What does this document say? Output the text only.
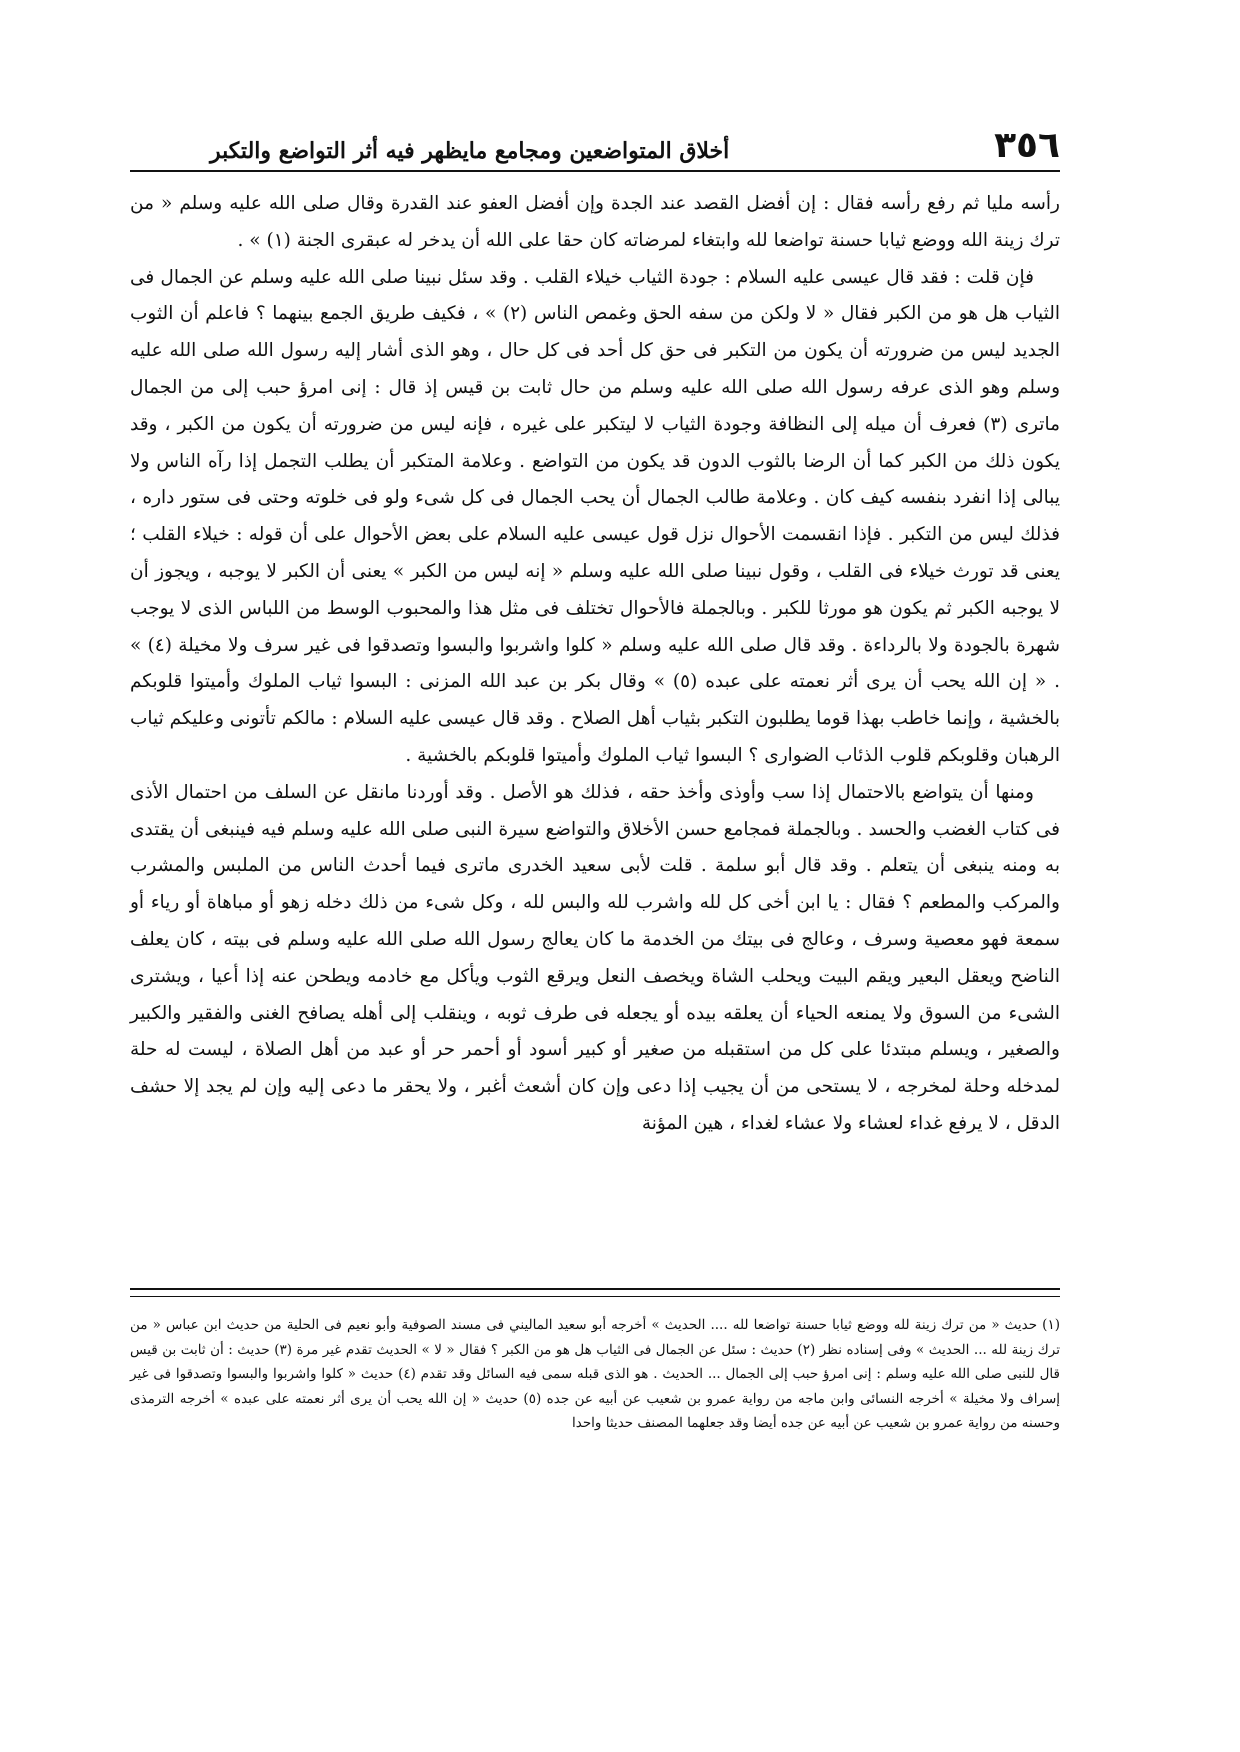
٣٥٦
أخلاق المتواضعين ومجامع مايظهر فيه أثر التواضع والتكبر

رأسه مليا ثم رفع رأسه فقال : إن أفضل القصد عند الجدة وإن أفضل العفو عند القدرة وقال صلى الله عليه وسلم « من ترك زينة الله ووضع ثيابا حسنة تواضعا لله وابتغاء لمرضاته كان حقا على الله أن يدخر له عبقرى الجنة (١) » .

فإن قلت : فقد قال عيسى عليه السلام : جودة الثياب خيلاء القلب . وقد سئل نبينا صلى الله عليه وسلم عن الجمال فى الثياب هل هو من الكبر فقال « لا ولكن من سفه الحق وغمص الناس (٢) » ، فكيف طريق الجمع بينهما ؟ فاعلم أن الثوب الجديد ليس من ضرورته أن يكون من التكبر فى حق كل أحد فى كل حال ، وهو الذى أشار إليه رسول الله صلى الله عليه وسلم وهو الذى عرفه رسول الله صلى الله عليه وسلم من حال ثابت بن قيس إذ قال : إنى امرؤ حبب إلى من الجمال ماترى (٣) فعرف أن ميله إلى النظافة وجودة الثياب لا ليتكبر على غيره ، فإنه ليس من ضرورته أن يكون من الكبر ، وقد يكون ذلك من الكبر كما أن الرضا بالثوب الدون قد يكون من التواضع . وعلامة المتكبر أن يطلب التجمل إذا رآه الناس ولا يبالى إذا انفرد بنفسه كيف كان . وعلامة طالب الجمال أن يحب الجمال فى كل شىء ولو فى خلوته وحتى فى ستور داره ، فذلك ليس من التكبر . فإذا انقسمت الأحوال نزل قول عيسى عليه السلام على بعض الأحوال على أن قوله : خيلاء القلب ؛ يعنى قد تورث خيلاء فى القلب ، وقول نبينا صلى الله عليه وسلم « إنه ليس من الكبر » يعنى أن الكبر لا يوجبه ، ويجوز أن لا يوجبه الكبر ثم يكون هو مورثا للكبر . وبالجملة فالأحوال تختلف فى مثل هذا والمحبوب الوسط من اللباس الذى لا يوجب شهرة بالجودة ولا بالرداءة . وقد قال صلى الله عليه وسلم « كلوا واشربوا والبسوا وتصدقوا فى غير سرف ولا مخيلة (٤) » . « إن الله يحب أن يرى أثر نعمته على عبده (٥) » وقال بكر بن عبد الله المزنى : البسوا ثياب الملوك وأميتوا قلوبكم بالخشية ، وإنما خاطب بهذا قوما يطلبون التكبر بثياب أهل الصلاح . وقد قال عيسى عليه السلام : مالكم تأتونى وعليكم ثياب الرهبان وقلوبكم قلوب الذئاب الضوارى ؟ البسوا ثياب الملوك وأميتوا قلوبكم بالخشية .

ومنها أن يتواضع بالاحتمال إذا سب وأوذى وأخذ حقه ، فذلك هو الأصل . وقد أوردنا مانقل عن السلف من احتمال الأذى فى كتاب الغضب والحسد . وبالجملة فمجامع حسن الأخلاق والتواضع سيرة النبى صلى الله عليه وسلم فيه فينبغى أن يقتدى به ومنه ينبغى أن يتعلم . وقد قال أبو سلمة . قلت لأبى سعيد الخدرى ماترى فيما أحدث الناس من الملبس والمشرب والمركب والمطعم ؟ فقال : يا ابن أخى كل لله واشرب لله والبس لله ، وكل شىء من ذلك دخله زهو أو مباهاة أو رياء أو سمعة فهو معصية وسرف ، وعالج فى بيتك من الخدمة ما كان يعالج رسول الله صلى الله عليه وسلم فى بيته ، كان يعلف الناضح ويعقل البعير ويقم البيت ويحلب الشاة ويخصف النعل ويرقع الثوب ويأكل مع خادمه ويطحن عنه إذا أعيا ، ويشترى الشىء من السوق ولا يمنعه الحياء أن يعلقه بيده أو يجعله فى طرف ثوبه ، وينقلب إلى أهله يصافح الغنى والفقير والكبير والصغير ، ويسلم مبتدئا على كل من استقبله من صغير أو كبير أسود أو أحمر حر أو عبد من أهل الصلاة ، ليست له حلة لمدخله وحلة لمخرجه ، لا يستحى من أن يجيب إذا دعى وإن كان أشعث أغبر ، ولا يحقر ما دعى إليه وإن لم يجد إلا حشف الدقل ، لا يرفع غداء لعشاء ولا عشاء لغداء ، هين المؤنة

(١) حديث « من ترك زينة لله ووضع ثيابا حسنة تواضعا لله .... الحديث » أخرجه أبو سعيد الماليني فى مسند الصوفية وأبو نعيم فى الحلية من حديث ابن عباس « من ترك زينة لله ... الحديث » وفى إسناده نظر (٢) حديث : سئل عن الجمال فى الثياب هل هو من الكبر ؟ فقال « لا » الحديث تقدم غير مرة (٣) حديث : أن ثابت بن قيس قال للنبى صلى الله عليه وسلم : إنى امرؤ حبب إلى الجمال ... الحديث . هو الذى قبله سمى فيه السائل وقد تقدم (٤) حديث « كلوا واشربوا والبسوا وتصدقوا فى غير إسراف ولا مخيلة » أخرجه النسائى وابن ماجه من رواية عمرو بن شعيب عن أبيه عن جده (٥) حديث « إن الله يحب أن يرى أثر نعمته على عبده » أخرجه الترمذى وحسنه من رواية عمرو بن شعيب عن أبيه عن جده أيضا وقد جعلهما المصنف حديثا واحدا
